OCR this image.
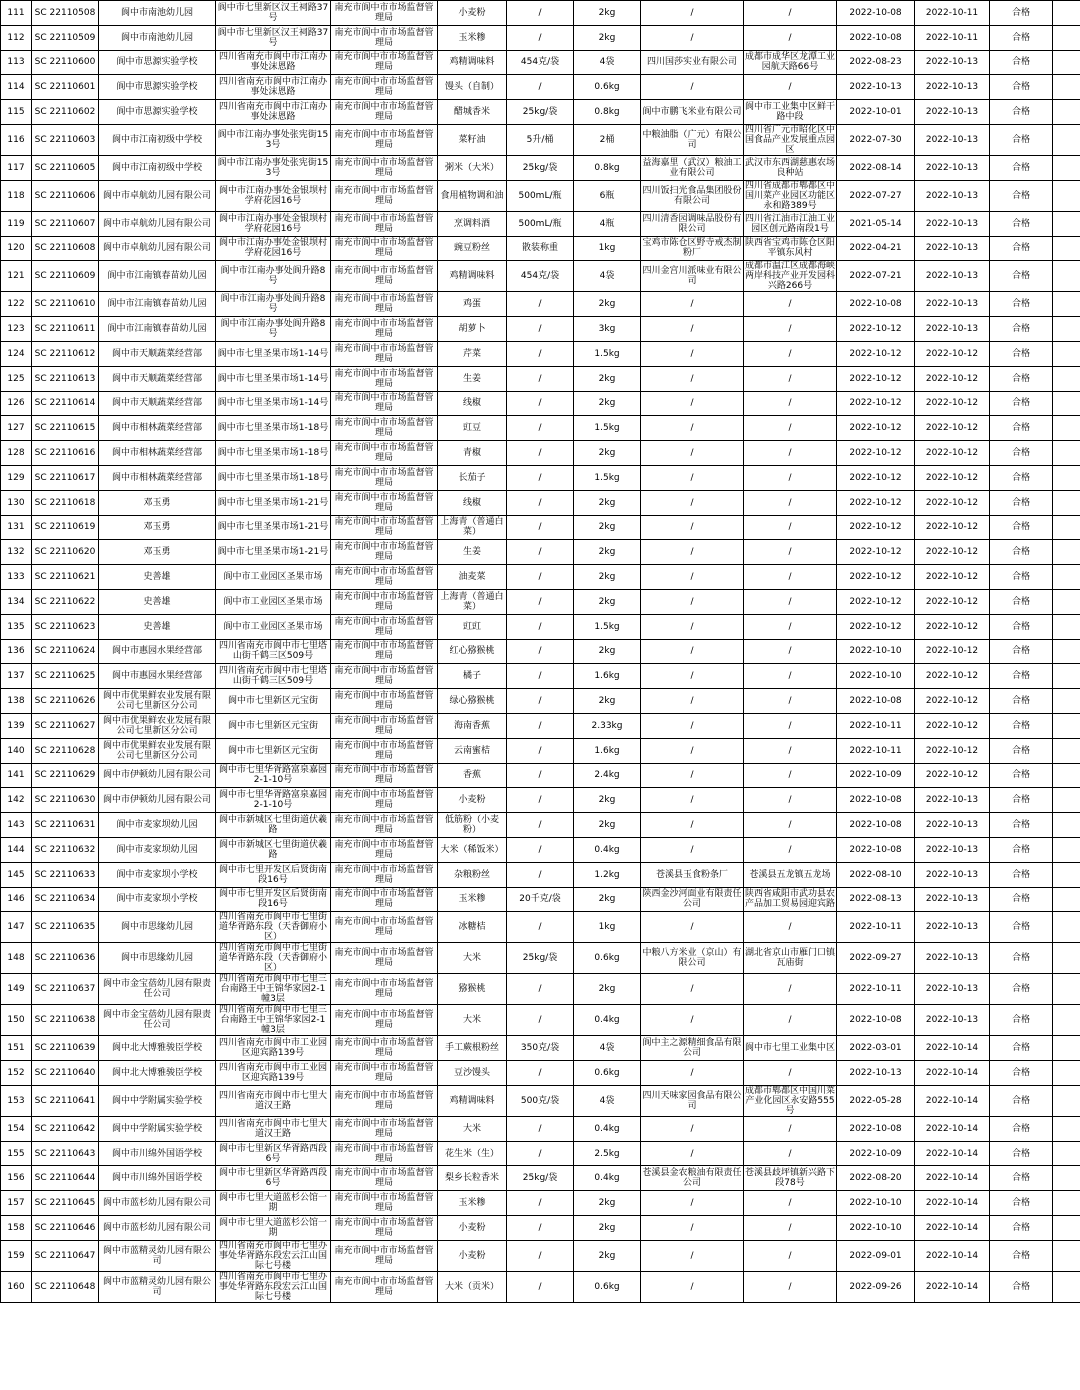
111	SC 22110508	阆中市南池幼儿园	阆中市七里新区汉王祠路37号	南充市阆中市市场监督管理局	小麦粉	/	2kg	/	/	2022-10-08	2022-10-11	合格	
112	SC 22110509	阆中市南池幼儿园	阆中市七里新区汉王祠路37号	南充市阆中市市场监督管理局	玉米糁	/	2kg	/	/	2022-10-08	2022-10-11	合格	
113	SC 22110600	阆中市思源实验学校	四川省南充市阆中市江南办事处沫恩路	南充市阆中市市场监督管理局	鸡精调味料	454克/袋	4袋	四川国莎实业有限公司	成都市成华区龙潭工业园航天路66号	2022-08-23	2022-10-13	合格	
114	SC 22110601	阆中市思源实验学校	四川省南充市阆中市江南办事处沫恩路	南充市阆中市市场监督管理局	馒头（自制）	/	0.6kg	/	/	2022-10-13	2022-10-13	合格	
115	SC 22110602	阆中市思源实验学校	四川省南充市阆中市江南办事处沫恩路	南充市阆中市市场监督管理局	醋城香米	25kg/袋	0.8kg	阆中市鹏飞米业有限公司	阆中市工业集中区鲜干路中段	2022-10-01	2022-10-13	合格	
116	SC 22110603	阆中市江南初级中学校	阆中市江南办事处张宪街153号	南充市阆中市市场监督管理局	菜籽油	5升/桶	2桶	中粮油脂（广元）有限公司	四川省广元市昭化区中国食品产业发展重点园区	2022-07-30	2022-10-13	合格	
117	SC 22110605	阆中市江南初级中学校	阆中市江南办事处张宪街153号	南充市阆中市市场监督管理局	粥米（大米）	25kg/袋	0.8kg	益海嘉里（武汉）粮油工业有限公司	武汉市东西湖慈惠农场良种站	2022-08-14	2022-10-13	合格	
118	SC 22110606	阆中市卓航幼儿园有限公司	阆中市江南办事处金银坝村学府花园16号	南充市阆中市市场监督管理局	食用植物调和油	500mL/瓶	6瓶	四川饭扫光食品集团股份有限公司	四川省成都市郫都区中国川菜产业园区功能区永和路389号	2022-07-27	2022-10-13	合格	
119	SC 22110607	阆中市卓航幼儿园有限公司	阆中市江南办事处金银坝村学府花园16号	南充市阆中市市场监督管理局	烹调料酒	500mL/瓶	4瓶	四川清香园调味品股份有限公司	四川省江油市江油工业园区创元路南段1号	2021-05-14	2022-10-13	合格	
120	SC 22110608	阆中市卓航幼儿园有限公司	阆中市江南办事处金银坝村学府花园16号	南充市阆中市市场监督管理局	豌豆粉丝	散装称重	1kg	宝鸡市陈仓区野寺戒杰制粉厂	陕西省宝鸡市陈仓区阳平镇东风村	2022-04-21	2022-10-13	合格	
121	SC 22110609	阆中市江南镇春苗幼儿园	阆中市江南办事处阆升路8号	南充市阆中市市场监督管理局	鸡精调味料	454克/袋	4袋	四川金宫川派味业有限公司	成都市温江区成都海峡两岸科技产业开发园科兴路266号	2022-07-21	2022-10-13	合格	
122	SC 22110610	阆中市江南镇春苗幼儿园	阆中市江南办事处阆升路8号	南充市阆中市市场监督管理局	鸡蛋	/	2kg	/	/	2022-10-08	2022-10-13	合格	
123	SC 22110611	阆中市江南镇春苗幼儿园	阆中市江南办事处阆升路8号	南充市阆中市市场监督管理局	胡萝卜	/	3kg	/	/	2022-10-12	2022-10-13	合格	
124	SC 22110612	阆中市天顺蔬菜经营部	阆中市七里圣果市场1-14号	南充市阆中市市场监督管理局	芹菜	/	1.5kg	/	/	2022-10-12	2022-10-12	合格	
125	SC 22110613	阆中市天顺蔬菜经营部	阆中市七里圣果市场1-14号	南充市阆中市市场监督管理局	生姜	/	2kg	/	/	2022-10-12	2022-10-12	合格	
126	SC 22110614	阆中市天顺蔬菜经营部	阆中市七里圣果市场1-14号	南充市阆中市市场监督管理局	线椒	/	2kg	/	/	2022-10-12	2022-10-12	合格	
127	SC 22110615	阆中市相林蔬菜经营部	阆中市七里圣果市场1-18号	南充市阆中市市场监督管理局	豇豆	/	1.5kg	/	/	2022-10-12	2022-10-12	合格	
128	SC 22110616	阆中市相林蔬菜经营部	阆中市七里圣果市场1-18号	南充市阆中市市场监督管理局	青椒	/	2kg	/	/	2022-10-12	2022-10-12	合格	
129	SC 22110617	阆中市相林蔬菜经营部	阆中市七里圣果市场1-18号	南充市阆中市市场监督管理局	长茄子	/	1.5kg	/	/	2022-10-12	2022-10-12	合格	
130	SC 22110618	邓玉勇	阆中市七里圣果市场1-21号	南充市阆中市市场监督管理局	线椒	/	2kg	/	/	2022-10-12	2022-10-12	合格	
131	SC 22110619	邓玉勇	阆中市七里圣果市场1-21号	南充市阆中市市场监督管理局	上海青（普通白菜）	/	2kg	/	/	2022-10-12	2022-10-12	合格	
132	SC 22110620	邓玉勇	阆中市七里圣果市场1-21号	南充市阆中市市场监督管理局	生姜	/	2kg	/	/	2022-10-12	2022-10-12	合格	
133	SC 22110621	史善雄	阆中市工业园区圣果市场	南充市阆中市市场监督管理局	油麦菜	/	2kg	/	/	2022-10-12	2022-10-12	合格	
134	SC 22110622	史善雄	阆中市工业园区圣果市场	南充市阆中市市场监督管理局	上海青（普通白菜）	/	2kg	/	/	2022-10-12	2022-10-12	合格	
135	SC 22110623	史善雄	阆中市工业园区圣果市场	南充市阆中市市场监督管理局	豇豇	/	1.5kg	/	/	2022-10-12	2022-10-12	合格	
136	SC 22110624	阆中市惠园水果经营部	四川省南充市阆中市七里塔山街千鹤三区509号	南充市阆中市市场监督管理局	红心猕猴桃	/	2kg	/	/	2022-10-10	2022-10-12	合格	
137	SC 22110625	阆中市惠园水果经营部	四川省南充市阆中市七里塔山街千鹤三区509号	南充市阆中市市场监督管理局	橘子	/	1.6kg	/	/	2022-10-10	2022-10-12	合格	
138	SC 22110626	阆中市优果鲜农业发展有限公司七里新区分公司	阆中市七里新区元宝街	南充市阆中市市场监督管理局	绿心猕猴桃	/	2kg	/	/	2022-10-08	2022-10-12	合格	
139	SC 22110627	阆中市优果鲜农业发展有限公司七里新区分公司	阆中市七里新区元宝街	南充市阆中市市场监督管理局	海南香蕉	/	2.33kg	/	/	2022-10-11	2022-10-12	合格	
140	SC 22110628	阆中市优果鲜农业发展有限公司七里新区分公司	阆中市七里新区元宝街	南充市阆中市市场监督管理局	云南蜜桔	/	1.6kg	/	/	2022-10-11	2022-10-12	合格	
141	SC 22110629	阆中市伊顿幼儿园有限公司	阆中市七里华胥路富泉嘉园2-1-10号	南充市阆中市市场监督管理局	香蕉	/	2.4kg	/	/	2022-10-09	2022-10-12	合格	
142	SC 22110630	阆中市伊顿幼儿园有限公司	阆中市七里华胥路富泉嘉园2-1-10号	南充市阆中市市场监督管理局	小麦粉	/	2kg	/	/	2022-10-08	2022-10-13	合格	
143	SC 22110631	阆中市麦家坝幼儿园	阆中市新城区七里街道伏羲路	南充市阆中市市场监督管理局	低筋粉（小麦粉）	/	2kg	/	/	2022-10-08	2022-10-13	合格	
144	SC 22110632	阆中市麦家坝幼儿园	阆中市新城区七里街道伏羲路	南充市阆中市市场监督管理局	大米（稀饭米）	/	0.4kg	/	/	2022-10-08	2022-10-13	合格	
145	SC 22110633	阆中市麦家坝小学校	阆中市七里开发区后贤街南段16号	南充市阆中市市场监督管理局	杂粮粉丝	/	1.2kg	苍溪县玉食粉条厂	苍溪县五龙镇五龙场	2022-08-10	2022-10-13	合格	
146	SC 22110634	阆中市麦家坝小学校	阆中市七里开发区后贤街南段16号	南充市阆中市市场监督管理局	玉米糁	20千克/袋	2kg	陕西金沙河面业有限责任公司	陕西省咸阳市武功县农产品加工贸易园迎宾路	2022-08-13	2022-10-13	合格	
147	SC 22110635	阆中市思缘幼儿园	四川省南充市阆中市七里街道华胥路东段（天香御府小区）	南充市阆中市市场监督管理局	冰糖桔	/	1kg	/	/	2022-10-11	2022-10-13	合格	
148	SC 22110636	阆中市思缘幼儿园	四川省南充市阆中市七里街道华胥路东段（天香御府小区）	南充市阆中市市场监督管理局	大米	25kg/袋	0.6kg	中粮八方米业（京山）有限公司	湖北省京山市雁门口镇瓦庙街	2022-09-27	2022-10-13	合格	
149	SC 22110637	阆中市金宝蓓幼儿园有限责任公司	四川省南充市阆中市七里三台南路王中王锦华家园2-1幢3层	南充市阆中市市场监督管理局	猕猴桃	/	2kg	/	/	2022-10-11	2022-10-13	合格	
150	SC 22110638	阆中市金宝蓓幼儿园有限责任公司	四川省南充市阆中市七里三台南路王中王锦华家园2-1幢3层	南充市阆中市市场监督管理局	大米	/	0.4kg	/	/	2022-10-08	2022-10-13	合格	
151	SC 22110639	阆中北大博雅骏臣学校	四川省南充市阆中市工业园区迎宾路139号	南充市阆中市市场监督管理局	手工蕨根粉丝	350克/袋	4袋	阆中主之源精细食品有限公司	阆中市七里工业集中区	2022-03-01	2022-10-14	合格	
152	SC 22110640	阆中北大博雅骏臣学校	四川省南充市阆中市工业园区迎宾路139号	南充市阆中市市场监督管理局	豆沙馒头	/	0.6kg	/	/	2022-10-13	2022-10-14	合格	
153	SC 22110641	阆中中学附属实验学校	四川省南充市阆中市七里大道汉王路	南充市阆中市市场监督管理局	鸡精调味料	500克/袋	4袋	四川天味家园食品有限公司	成都市郫都区中国川菜产业化园区永安路555号	2022-05-28	2022-10-14	合格	
154	SC 22110642	阆中中学附属实验学校	四川省南充市阆中市七里大道汉王路	南充市阆中市市场监督管理局	大米	/	0.4kg	/	/	2022-10-08	2022-10-14	合格	
155	SC 22110643	阆中市川绵外国语学校	阆中市七里新区华胥路西段6号	南充市阆中市市场监督管理局	花生米（生）	/	2.5kg	/	/	2022-10-09	2022-10-14	合格	
156	SC 22110644	阆中市川绵外国语学校	阆中市七里新区华胥路西段6号	南充市阆中市市场监督管理局	梨乡长粒香米	25kg/袋	0.4kg	苍溪县金农粮油有限责任公司	苍溪县歧坪镇新兴路下段78号	2022-08-20	2022-10-14	合格	
157	SC 22110645	阆中市蓝杉幼儿园有限公司	阆中市七里大道蓝杉公馆一期	南充市阆中市市场监督管理局	玉米糁	/	2kg	/	/	2022-10-10	2022-10-14	合格	
158	SC 22110646	阆中市蓝杉幼儿园有限公司	阆中市七里大道蓝杉公馆一期	南充市阆中市市场监督管理局	小麦粉	/	2kg	/	/	2022-10-10	2022-10-14	合格	
159	SC 22110647	阆中市蓝精灵幼儿园有限公司	四川省南充市阆中市七里办事处华胥路东段宏云江山国际七号楼	南充市阆中市市场监督管理局	小麦粉	/	2kg	/	/	2022-09-01	2022-10-14	合格	
160	SC 22110648	阆中市蓝精灵幼儿园有限公司	四川省南充市阆中市七里办事处华胥路东段宏云江山国际七号楼	南充市阆中市市场监督管理局	大米（贡米）	/	0.6kg	/	/	2022-09-26	2022-10-14	合格	
